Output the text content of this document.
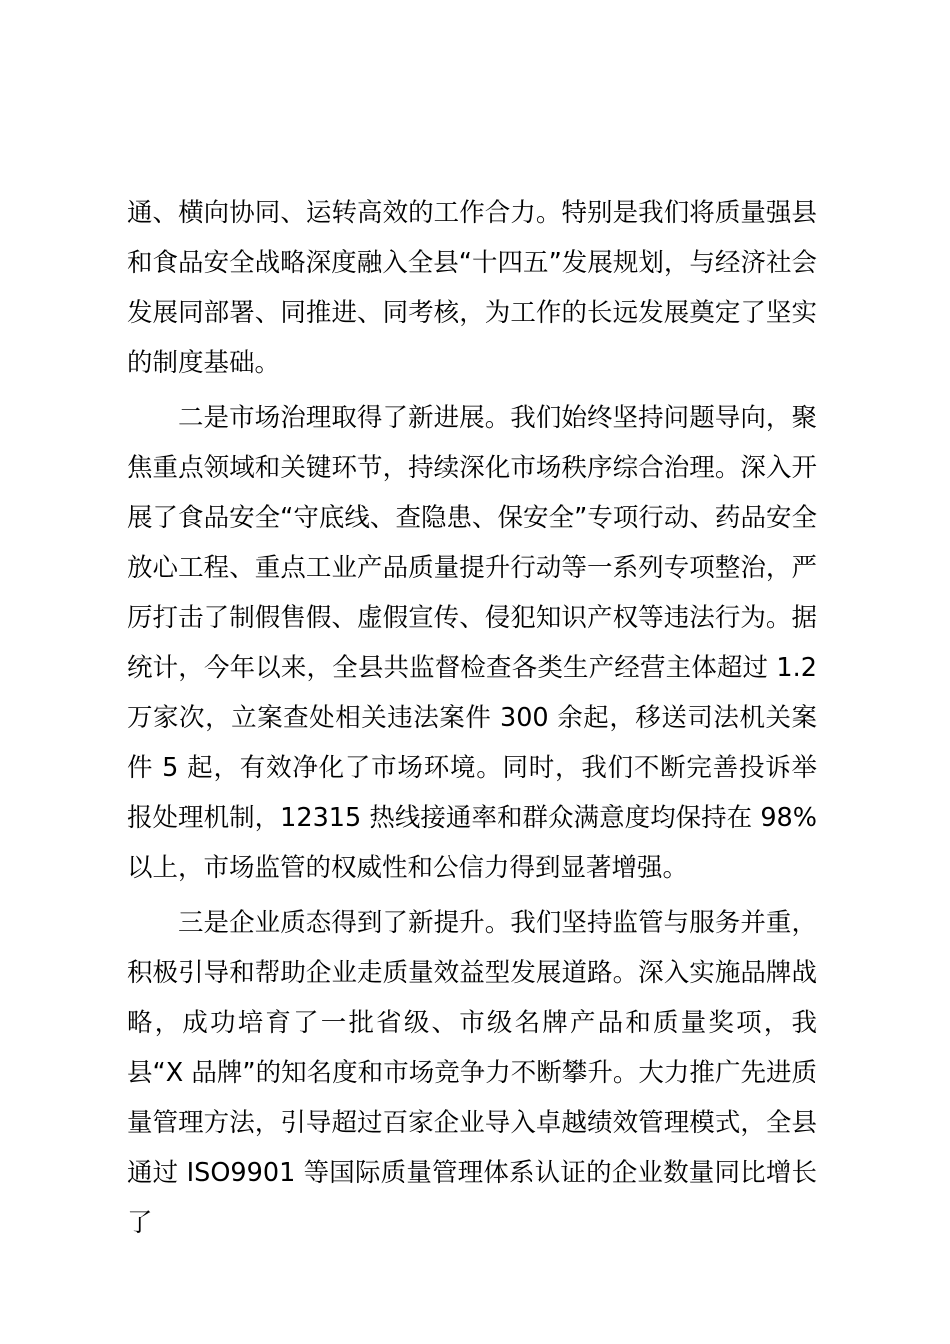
通、横向协同、运转高效的工作合力。特别是我们将质量强县和食品安全战略深度融入全县“十四五”发展规划，与经济社会发展同部署、同推进、同考核，为工作的长远发展奠定了坚实的制度基础。

二是市场治理取得了新进展。我们始终坚持问题导向，聚焦重点领域和关键环节，持续深化市场秩序综合治理。深入开展了食品安全“守底线、查隐患、保安全”专项行动、药品安全放心工程、重点工业产品质量提升行动等一系列专项整治，严厉打击了制假售假、虚假宣传、侵犯知识产权等违法行为。据统计，今年以来，全县共监督检查各类生产经营主体超过 1.2 万家次，立案查处相关违法案件 300 余起，移送司法机关案件 5 起，有效净化了市场环境。同时，我们不断完善投诉举报处理机制，12315 热线接通率和群众满意度均保持在 98%以上，市场监管的权威性和公信力得到显著增强。

三是企业质态得到了新提升。我们坚持监管与服务并重，积极引导和帮助企业走质量效益型发展道路。深入实施品牌战略，成功培育了一批省级、市级名牌产品和质量奖项，我县“X 品牌”的知名度和市场竞争力不断攀升。大力推广先进质量管理方法，引导超过百家企业导入卓越绩效管理模式，全县通过 ISO9901 等国际质量管理体系认证的企业数量同比增长了
